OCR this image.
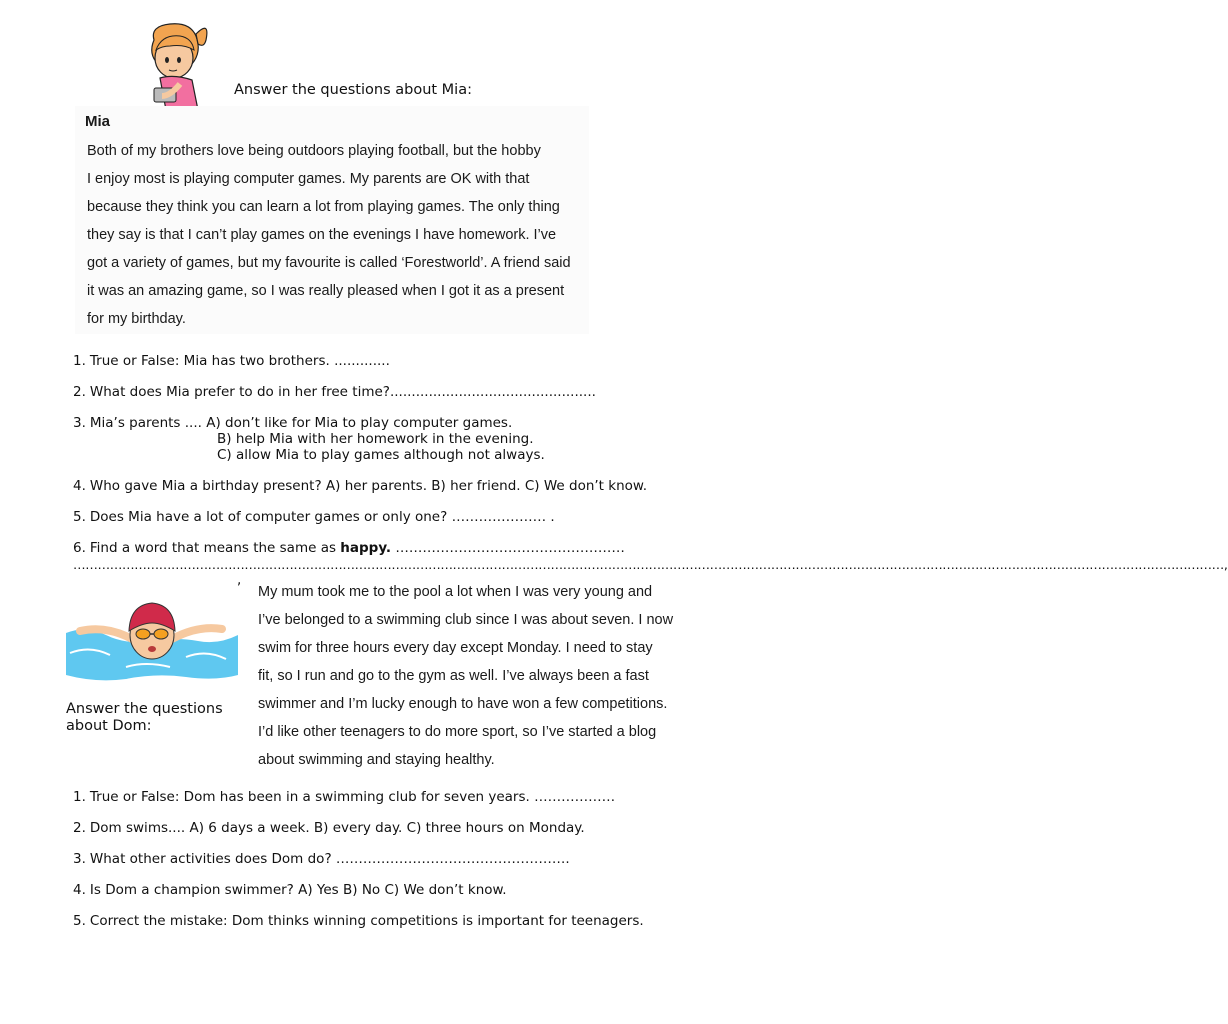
Answer the questions about Mia:
Mia
Both of my brothers love being outdoors playing football, but the hobby
I enjoy most is playing computer games. My parents are OK with that
because they think you can learn a lot from playing games. The only thing
they say is that I can’t play games on the evenings I have homework. I’ve
got a variety of games, but my favourite is called ‘Forestworld’. A friend said
it was an amazing game, so I was really pleased when I got it as a present
for my birthday.
1. True or False: Mia has two brothers. .............
2. What does Mia prefer to do in her free time?................................................
3. Mia’s parents .... A) don’t like for Mia to play computer games.
B) help Mia with her homework in the evening.
C) allow Mia to play games although not always.
4. Who gave Mia a birthday present? A) her parents. B) her friend. C) We don’t know.
5. Does Mia have a lot of computer games or only one? ………………… .
6. Find a word that means the same as happy. ……………………………………………
…………………………………………………………………………………………………………………………………………………………………………………………………………………………………………………………,
,
Answer the questions
about Dom:
My mum took me to the pool a lot when I was very young and
I’ve belonged to a swimming club since I was about seven. I now
swim for three hours every day except Monday. I need to stay
fit, so I run and go to the gym as well. I’ve always been a fast
swimmer and I’m lucky enough to have won a few competitions.
I’d like other teenagers to do more sport, so I’ve started a blog
about swimming and staying healthy.
1. True or False: Dom has been in a swimming club for seven years. ………………
2. Dom swims.... A) 6 days a week. B) every day. C) three hours on Monday.
3. What other activities does Dom do? …………………………………………….
4. Is Dom a champion swimmer? A) Yes B) No C) We don’t know.
5. Correct the mistake: Dom thinks winning competitions is important for teenagers.
